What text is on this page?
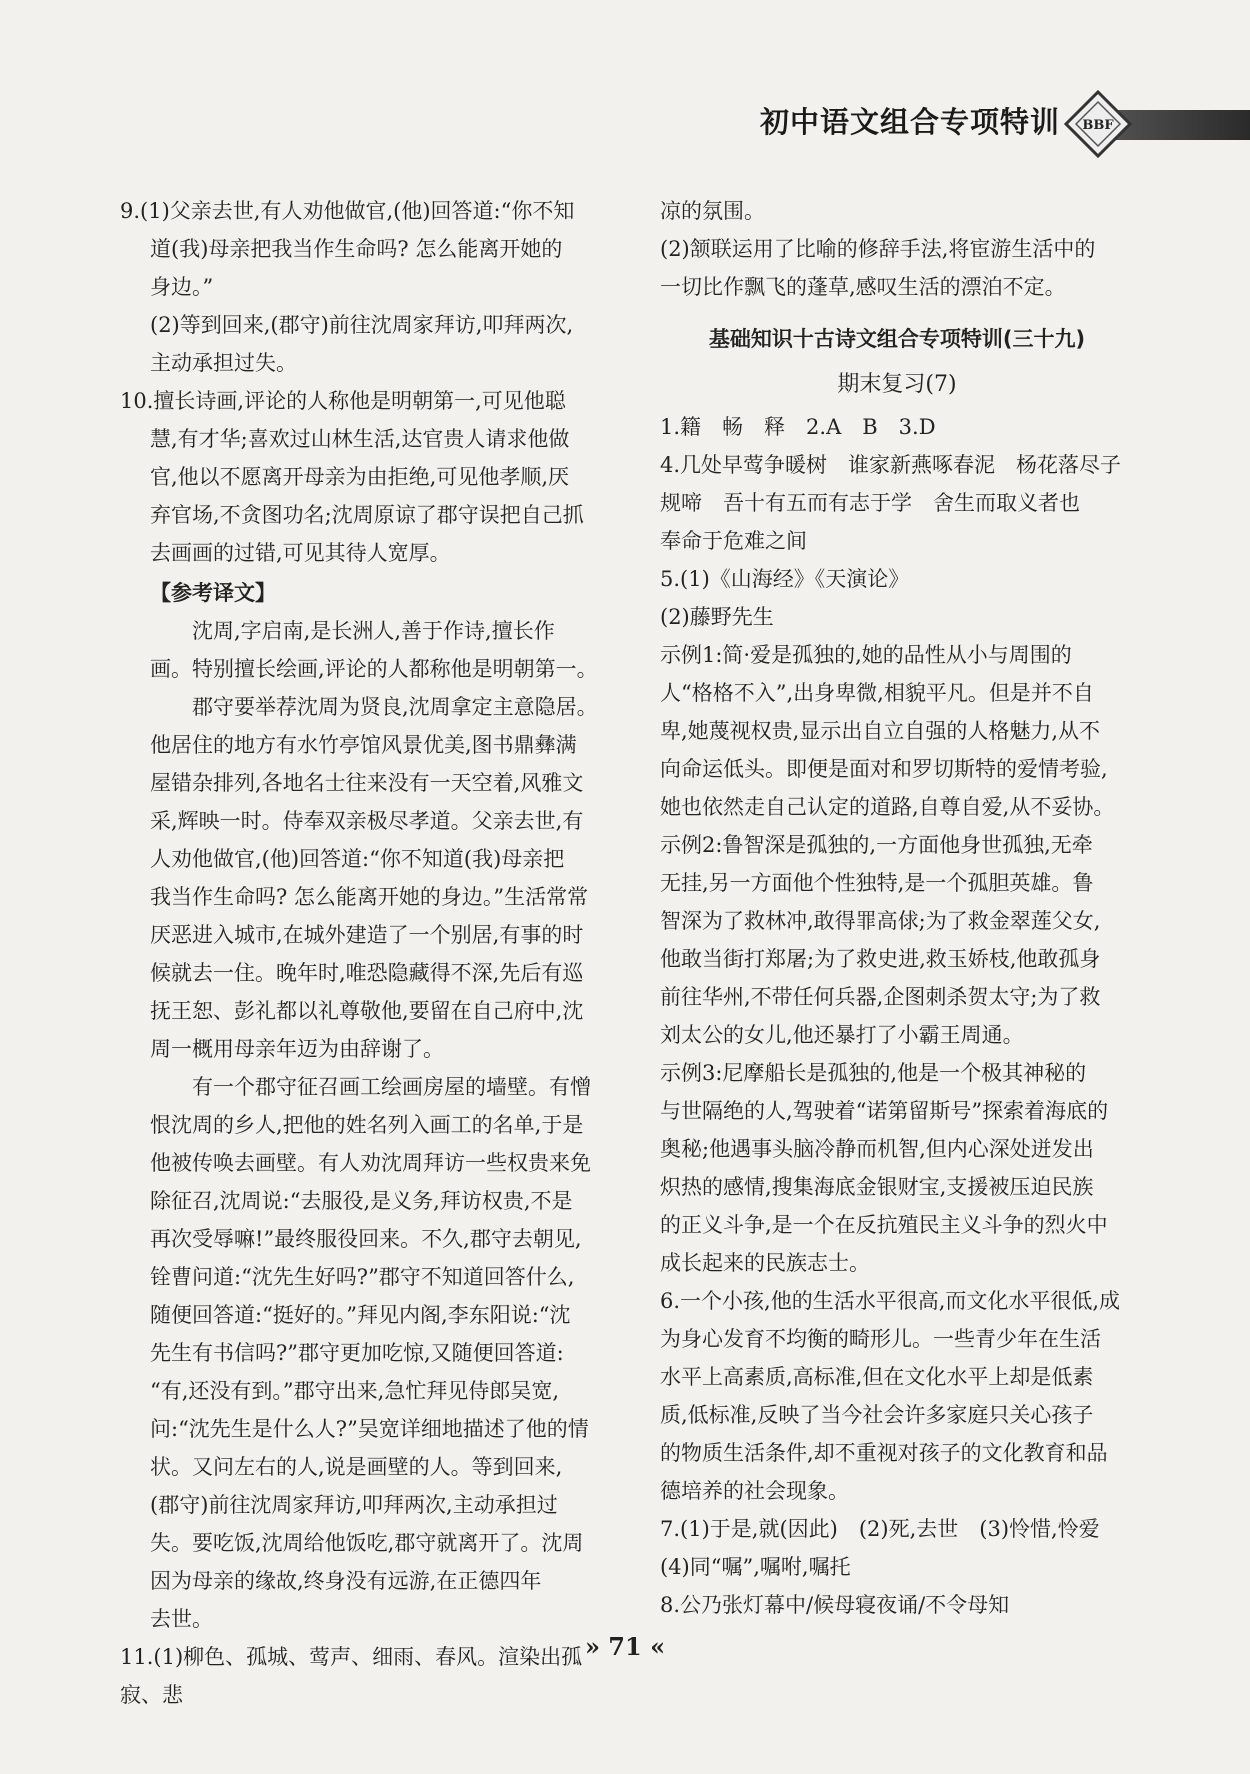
初中语文组合专项特训 BBF

9.(1)父亲去世,有人劝他做官,(他)回答道:“你不知

道(我)母亲把我当作生命吗? 怎么能离开她的

身边。”

(2)等到回来,(郡守)前往沈周家拜访,叩拜两次,

主动承担过失。

10.擅长诗画,评论的人称他是明朝第一,可见他聪

慧,有才华;喜欢过山林生活,达官贵人请求他做

官,他以不愿离开母亲为由拒绝,可见他孝顺,厌

弃官场,不贪图功名;沈周原谅了郡守误把自己抓

去画画的过错,可见其待人宽厚。

【参考译文】

沈周,字启南,是长洲人,善于作诗,擅长作

画。特别擅长绘画,评论的人都称他是明朝第一。

郡守要举荐沈周为贤良,沈周拿定主意隐居。

他居住的地方有水竹亭馆风景优美,图书鼎彝满

屋错杂排列,各地名士往来没有一天空着,风雅文

采,辉映一时。侍奉双亲极尽孝道。父亲去世,有

人劝他做官,(他)回答道:“你不知道(我)母亲把

我当作生命吗? 怎么能离开她的身边。”生活常常

厌恶进入城市,在城外建造了一个别居,有事的时

候就去一住。晚年时,唯恐隐藏得不深,先后有巡

抚王恕、彭礼都以礼尊敬他,要留在自己府中,沈

周一概用母亲年迈为由辞谢了。

有一个郡守征召画工绘画房屋的墙壁。有憎

恨沈周的乡人,把他的姓名列入画工的名单,于是

他被传唤去画壁。有人劝沈周拜访一些权贵来免

除征召,沈周说:“去服役,是义务,拜访权贵,不是

再次受辱嘛!”最终服役回来。不久,郡守去朝见,

铨曹问道:“沈先生好吗?”郡守不知道回答什么,

随便回答道:“挺好的。”拜见内阁,李东阳说:“沈

先生有书信吗?”郡守更加吃惊,又随便回答道:

“有,还没有到。”郡守出来,急忙拜见侍郎吴宽,

问:“沈先生是什么人?”吴宽详细地描述了他的情

状。又问左右的人,说是画壁的人。等到回来,

(郡守)前往沈周家拜访,叩拜两次,主动承担过

失。要吃饭,沈周给他饭吃,郡守就离开了。沈周

因为母亲的缘故,终身没有远游,在正德四年

去世。

11.(1)柳色、孤城、莺声、细雨、春风。渲染出孤寂、悲

凉的氛围。

(2)颔联运用了比喻的修辞手法,将宦游生活中的

一切比作飘飞的蓬草,感叹生活的漂泊不定。

基础知识十古诗文组合专项特训(三十九)
期末复习(7)

1.籍　畅　释　2.A　B　3.D

4.几处早莺争暖树　谁家新燕啄春泥　杨花落尽子

规啼　吾十有五而有志于学　舍生而取义者也

奉命于危难之间

5.(1)《山海经》《天演论》

(2)藤野先生

示例1:简·爱是孤独的,她的品性从小与周围的

人“格格不入”,出身卑微,相貌平凡。但是并不自

卑,她蔑视权贵,显示出自立自强的人格魅力,从不

向命运低头。即便是面对和罗切斯特的爱情考验,

她也依然走自己认定的道路,自尊自爱,从不妥协。

示例2:鲁智深是孤独的,一方面他身世孤独,无牵

无挂,另一方面他个性独特,是一个孤胆英雄。鲁

智深为了救林冲,敢得罪高俅;为了救金翠莲父女,

他敢当街打郑屠;为了救史进,救玉娇枝,他敢孤身

前往华州,不带任何兵器,企图刺杀贺太守;为了救

刘太公的女儿,他还暴打了小霸王周通。

示例3:尼摩船长是孤独的,他是一个极其神秘的

与世隔绝的人,驾驶着“诺第留斯号”探索着海底的

奥秘;他遇事头脑冷静而机智,但内心深处迸发出

炽热的感情,搜集海底金银财宝,支援被压迫民族

的正义斗争,是一个在反抗殖民主义斗争的烈火中

成长起来的民族志士。

6.一个小孩,他的生活水平很高,而文化水平很低,成

为身心发育不均衡的畸形儿。一些青少年在生活

水平上高素质,高标准,但在文化水平上却是低素

质,低标准,反映了当今社会许多家庭只关心孩子

的物质生活条件,却不重视对孩子的文化教育和品

德培养的社会现象。

7.(1)于是,就(因此)　(2)死,去世　(3)怜惜,怜爱

(4)同“嘱”,嘱咐,嘱托

8.公乃张灯幕中/候母寝夜诵/不令母知

» 71 «
